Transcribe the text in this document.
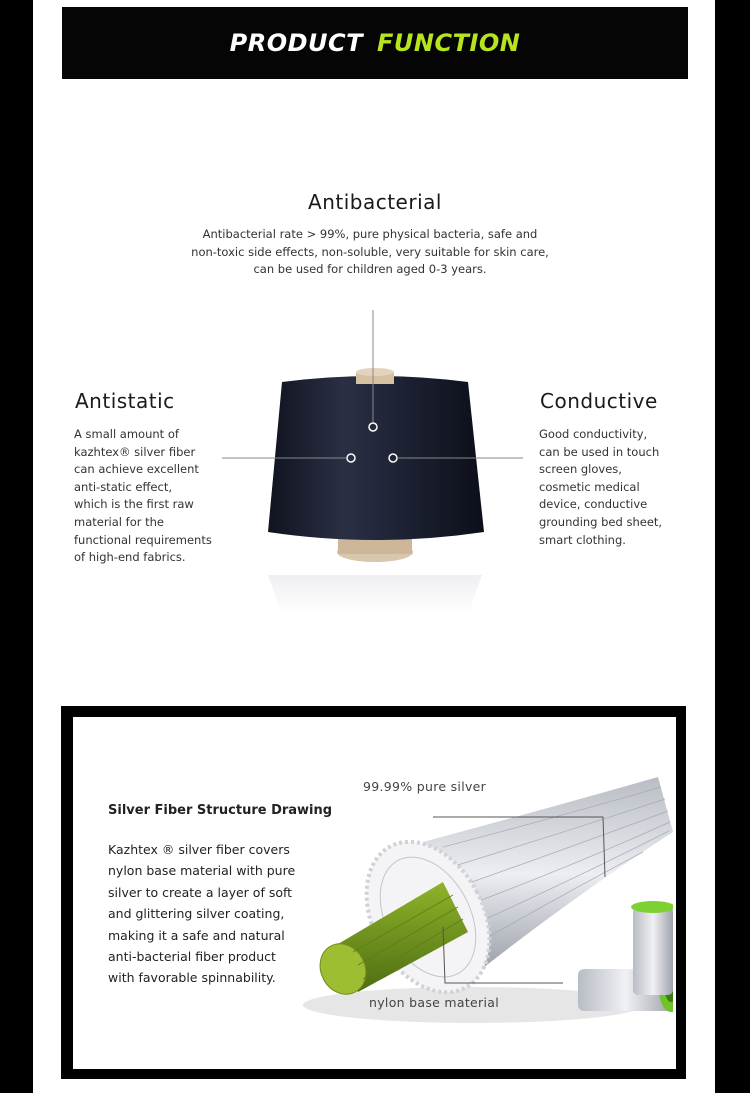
PRODUCT FUNCTION
Antibacterial
Antibacterial rate > 99%, pure physical bacteria, safe and
non-toxic side effects, non-soluble, very suitable for skin care,
can be used for children aged 0-3 years.
Antistatic
A small amount of
kazhtex® silver fiber
can achieve excellent
anti-static effect,
which is the first raw
material for the
functional requirements
of high-end fabrics.
Conductive
Good conductivity,
can be used in touch
screen gloves,
cosmetic medical
device, conductive
grounding bed sheet,
smart clothing.
Silver Fiber Structure Drawing
Kazhtex ® silver fiber covers
nylon base material with pure
silver to create a layer of soft
and glittering silver coating,
making it a safe and natural
anti-bacterial fiber product
with favorable spinnability.
99.99% pure silver
nylon base material
